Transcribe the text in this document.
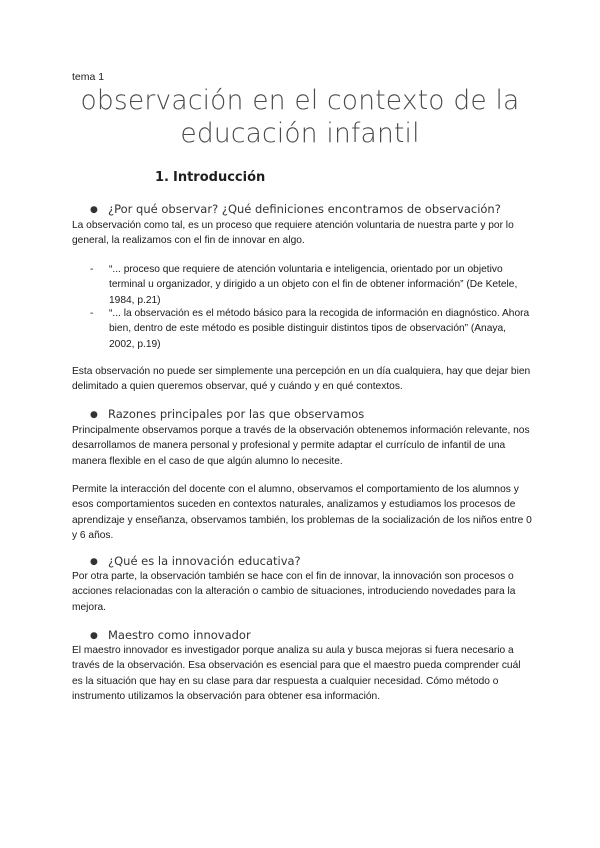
tema 1
observación en el contexto de la educación infantil
1. Introducción
● ¿Por qué observar? ¿Qué definiciones encontramos de observación?

La observación como tal, es un proceso que requiere atención voluntaria de nuestra parte y por lo general, la realizamos con el fin de innovar en algo.

- “... proceso que requiere de atención voluntaria e inteligencia, orientado por un objetivo terminal u organizador, y dirigido a un objeto con el fin de obtener información” (De Ketele, 1984, p.21)
- “... la observación es el método básico para la recogida de información en diagnóstico. Ahora bien, dentro de este método es posible distinguir distintos tipos de observación” (Anaya, 2002, p.19)

Esta observación no puede ser simplemente una percepción en un día cualquiera, hay que dejar bien delimitado a quien queremos observar, qué y cuándo y en qué contextos.

● Razones principales por las que observamos

Principalmente observamos porque a través de la observación obtenemos información relevante, nos desarrollamos de manera personal y profesional y permite adaptar el currículo de infantil de una manera flexible en el caso de que algún alumno lo necesite.

Permite la interacción del docente con el alumno, observamos el comportamiento de los alumnos y esos comportamientos suceden en contextos naturales, analizamos y estudiamos los procesos de aprendizaje y enseñanza, observamos también, los problemas de la socialización de los niños entre 0 y 6 años.

● ¿Qué es la innovación educativa?

Por otra parte, la observación también se hace con el fin de innovar, la innovación son procesos o acciones relacionadas con la alteración o cambio de situaciones, introduciendo novedades para la mejora.

● Maestro como innovador

El maestro innovador es investigador porque analiza su aula y busca mejoras si fuera necesario a través de la observación. Esa observación es esencial para que el maestro pueda comprender cuál es la situación que hay en su clase para dar respuesta a cualquier necesidad. Cómo método o instrumento utilizamos la observación para obtener esa información.
